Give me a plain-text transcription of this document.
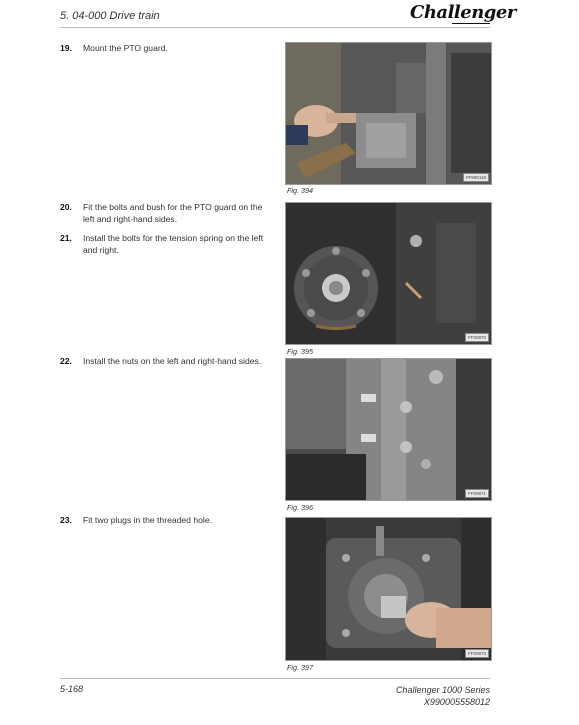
5. 04-000 Drive train	Challenger
19. Mount the PTO guard.
20. Fit the bolts and bush for the PTO guard on the left and right-hand sides.
21. Install the bolts for the tension spring on the left and right.
22. Install the nuts on the left and right-hand sides.
23. Fit two plugs in the threaded hole.
FF990118
Fig. 394
FF00870
Fig. 395
FF00871
Fig. 396
FF00873
Fig. 397
5-168	Challenger 1000 Series
X990005558012
